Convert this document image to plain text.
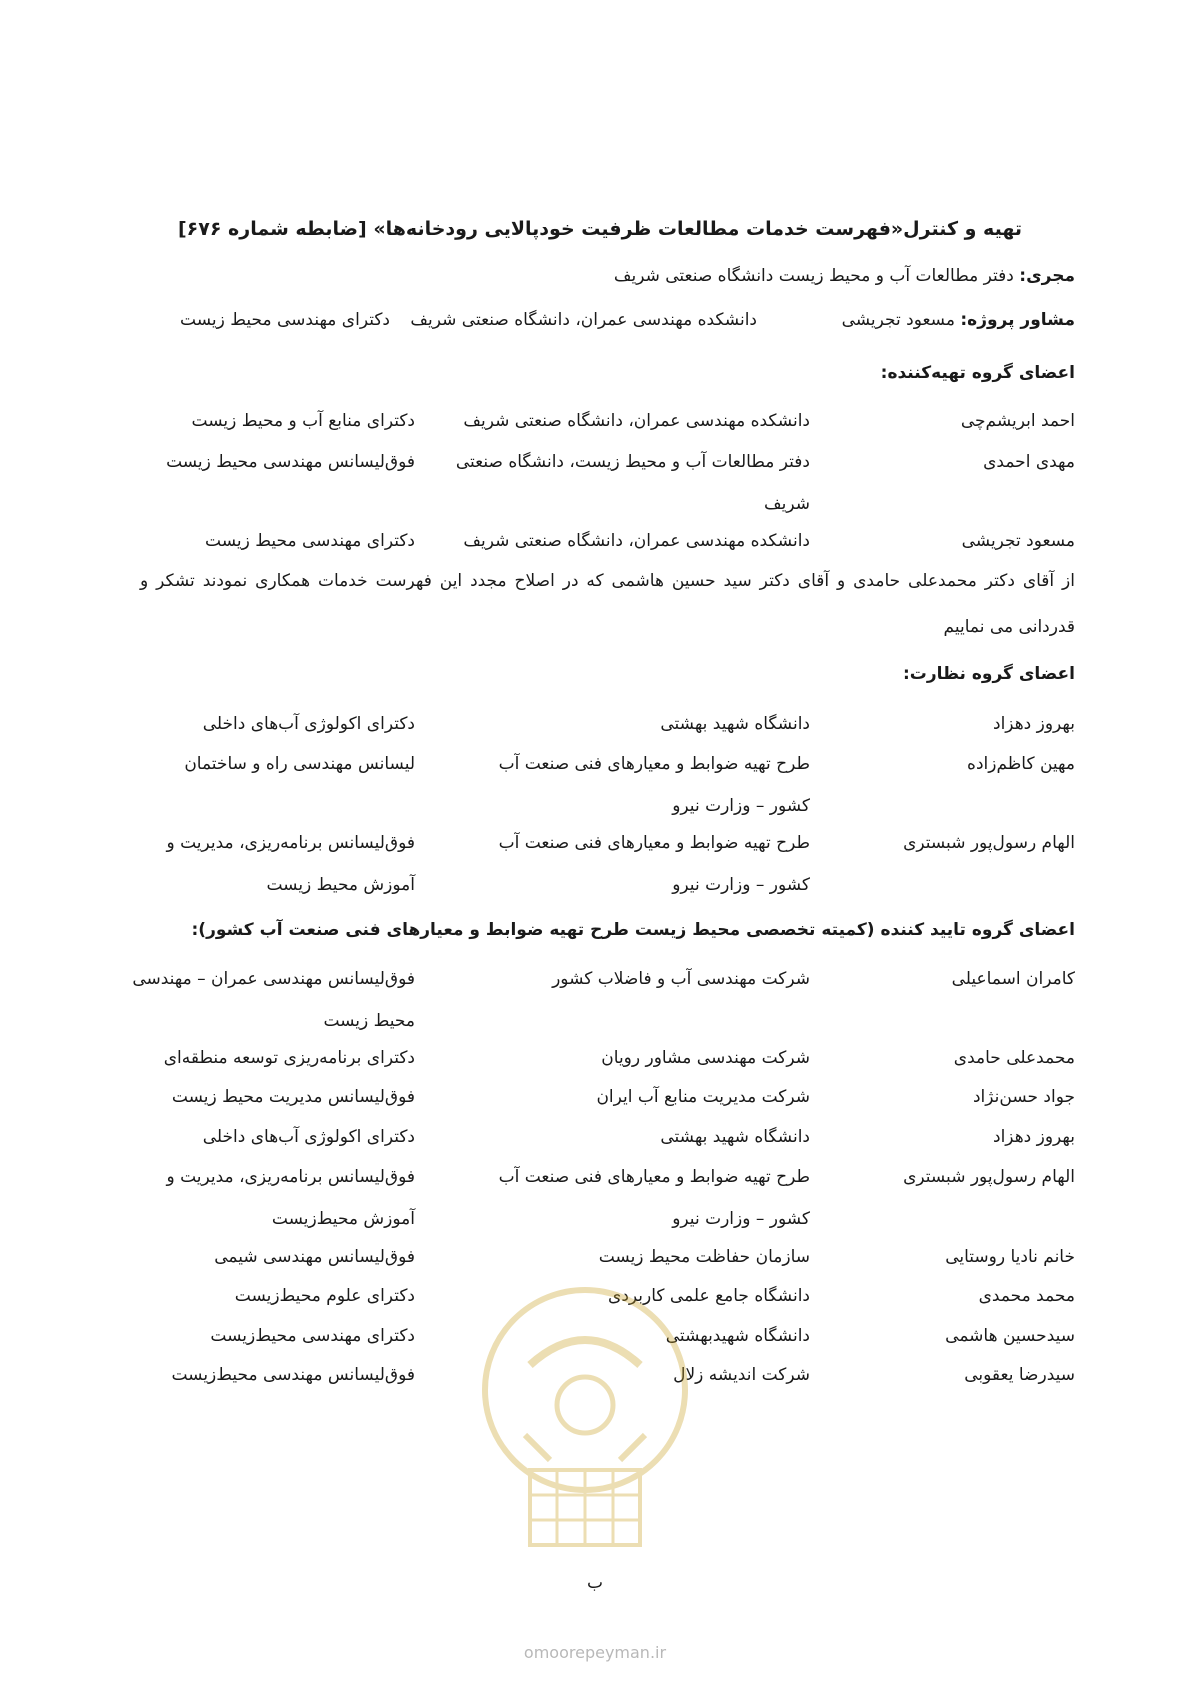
تهیه و کنترل«فهرست خدمات مطالعات ظرفیت خودپالایی رودخانه‌ها» [ضابطه شماره ۶۷۶]
مجری: دفتر مطالعات آب و محیط زیست دانشگاه صنعتی شریف
مشاور پروژه: مسعود تجریشی
دانشکده مهندسی عمران، دانشگاه صنعتی شریف
دکترای مهندسی محیط زیست
اعضای گروه تهیه‌کننده:
احمد ابریشم‌چی
دانشکده مهندسی عمران، دانشگاه صنعتی شریف
دکترای منابع آب و محیط زیست
مهدی احمدی
دفتر مطالعات آب و محیط زیست، دانشگاه صنعتی شریف
فوق‌لیسانس مهندسی محیط زیست
مسعود تجریشی
دانشکده مهندسی عمران، دانشگاه صنعتی شریف
دکترای مهندسی محیط زیست
از آقای دکتر محمدعلی حامدی و آقای دکتر سید حسین هاشمی که در اصلاح مجدد این فهرست خدمات همکاری نمودند تشکر و قدردانی می نماییم
اعضای گروه نظارت:
بهروز دهزاد
دانشگاه شهید بهشتی
دکترای اکولوژی آب‌های داخلی
مهین کاظم‌زاده
طرح تهیه ضوابط و معیارهای فنی صنعت آب کشور – وزارت نیرو
لیسانس مهندسی راه و ساختمان
الهام رسول‌پور شبستری
طرح تهیه ضوابط و معیارهای فنی صنعت آب کشور – وزارت نیرو
فوق‌لیسانس برنامه‌ریزی، مدیریت و آموزش محیط زیست
اعضای گروه تایید کننده (کمیته تخصصی محیط زیست طرح تهیه ضوابط و معیارهای فنی صنعت آب کشور):
کامران اسماعیلی
شرکت مهندسی آب و فاضلاب کشور
فوق‌لیسانس مهندسی عمران – مهندسی محیط زیست
محمدعلی حامدی
شرکت مهندسی مشاور رویان
دکترای برنامه‌ریزی توسعه منطقه‌ای
جواد حسن‌نژاد
شرکت مدیریت منابع آب ایران
فوق‌لیسانس مدیریت محیط زیست
بهروز دهزاد
دانشگاه شهید بهشتی
دکترای اکولوژی آب‌های داخلی
الهام رسول‌پور شبستری
طرح تهیه ضوابط و معیارهای فنی صنعت آب کشور – وزارت نیرو
فوق‌لیسانس برنامه‌ریزی، مدیریت و آموزش محیط‌زیست
خانم نادیا روستایی
سازمان حفاظت محیط زیست
فوق‌لیسانس مهندسی شیمی
محمد محمدی
دانشگاه جامع علمی کاربردی
دکترای علوم محیط‌زیست
سیدحسین هاشمی
دانشگاه شهیدبهشتی
دکترای مهندسی محیط‌زیست
سیدرضا یعقوبی
شرکت اندیشه زلال
فوق‌لیسانس مهندسی محیط‌زیست
ب
omoorepeyman.ir
